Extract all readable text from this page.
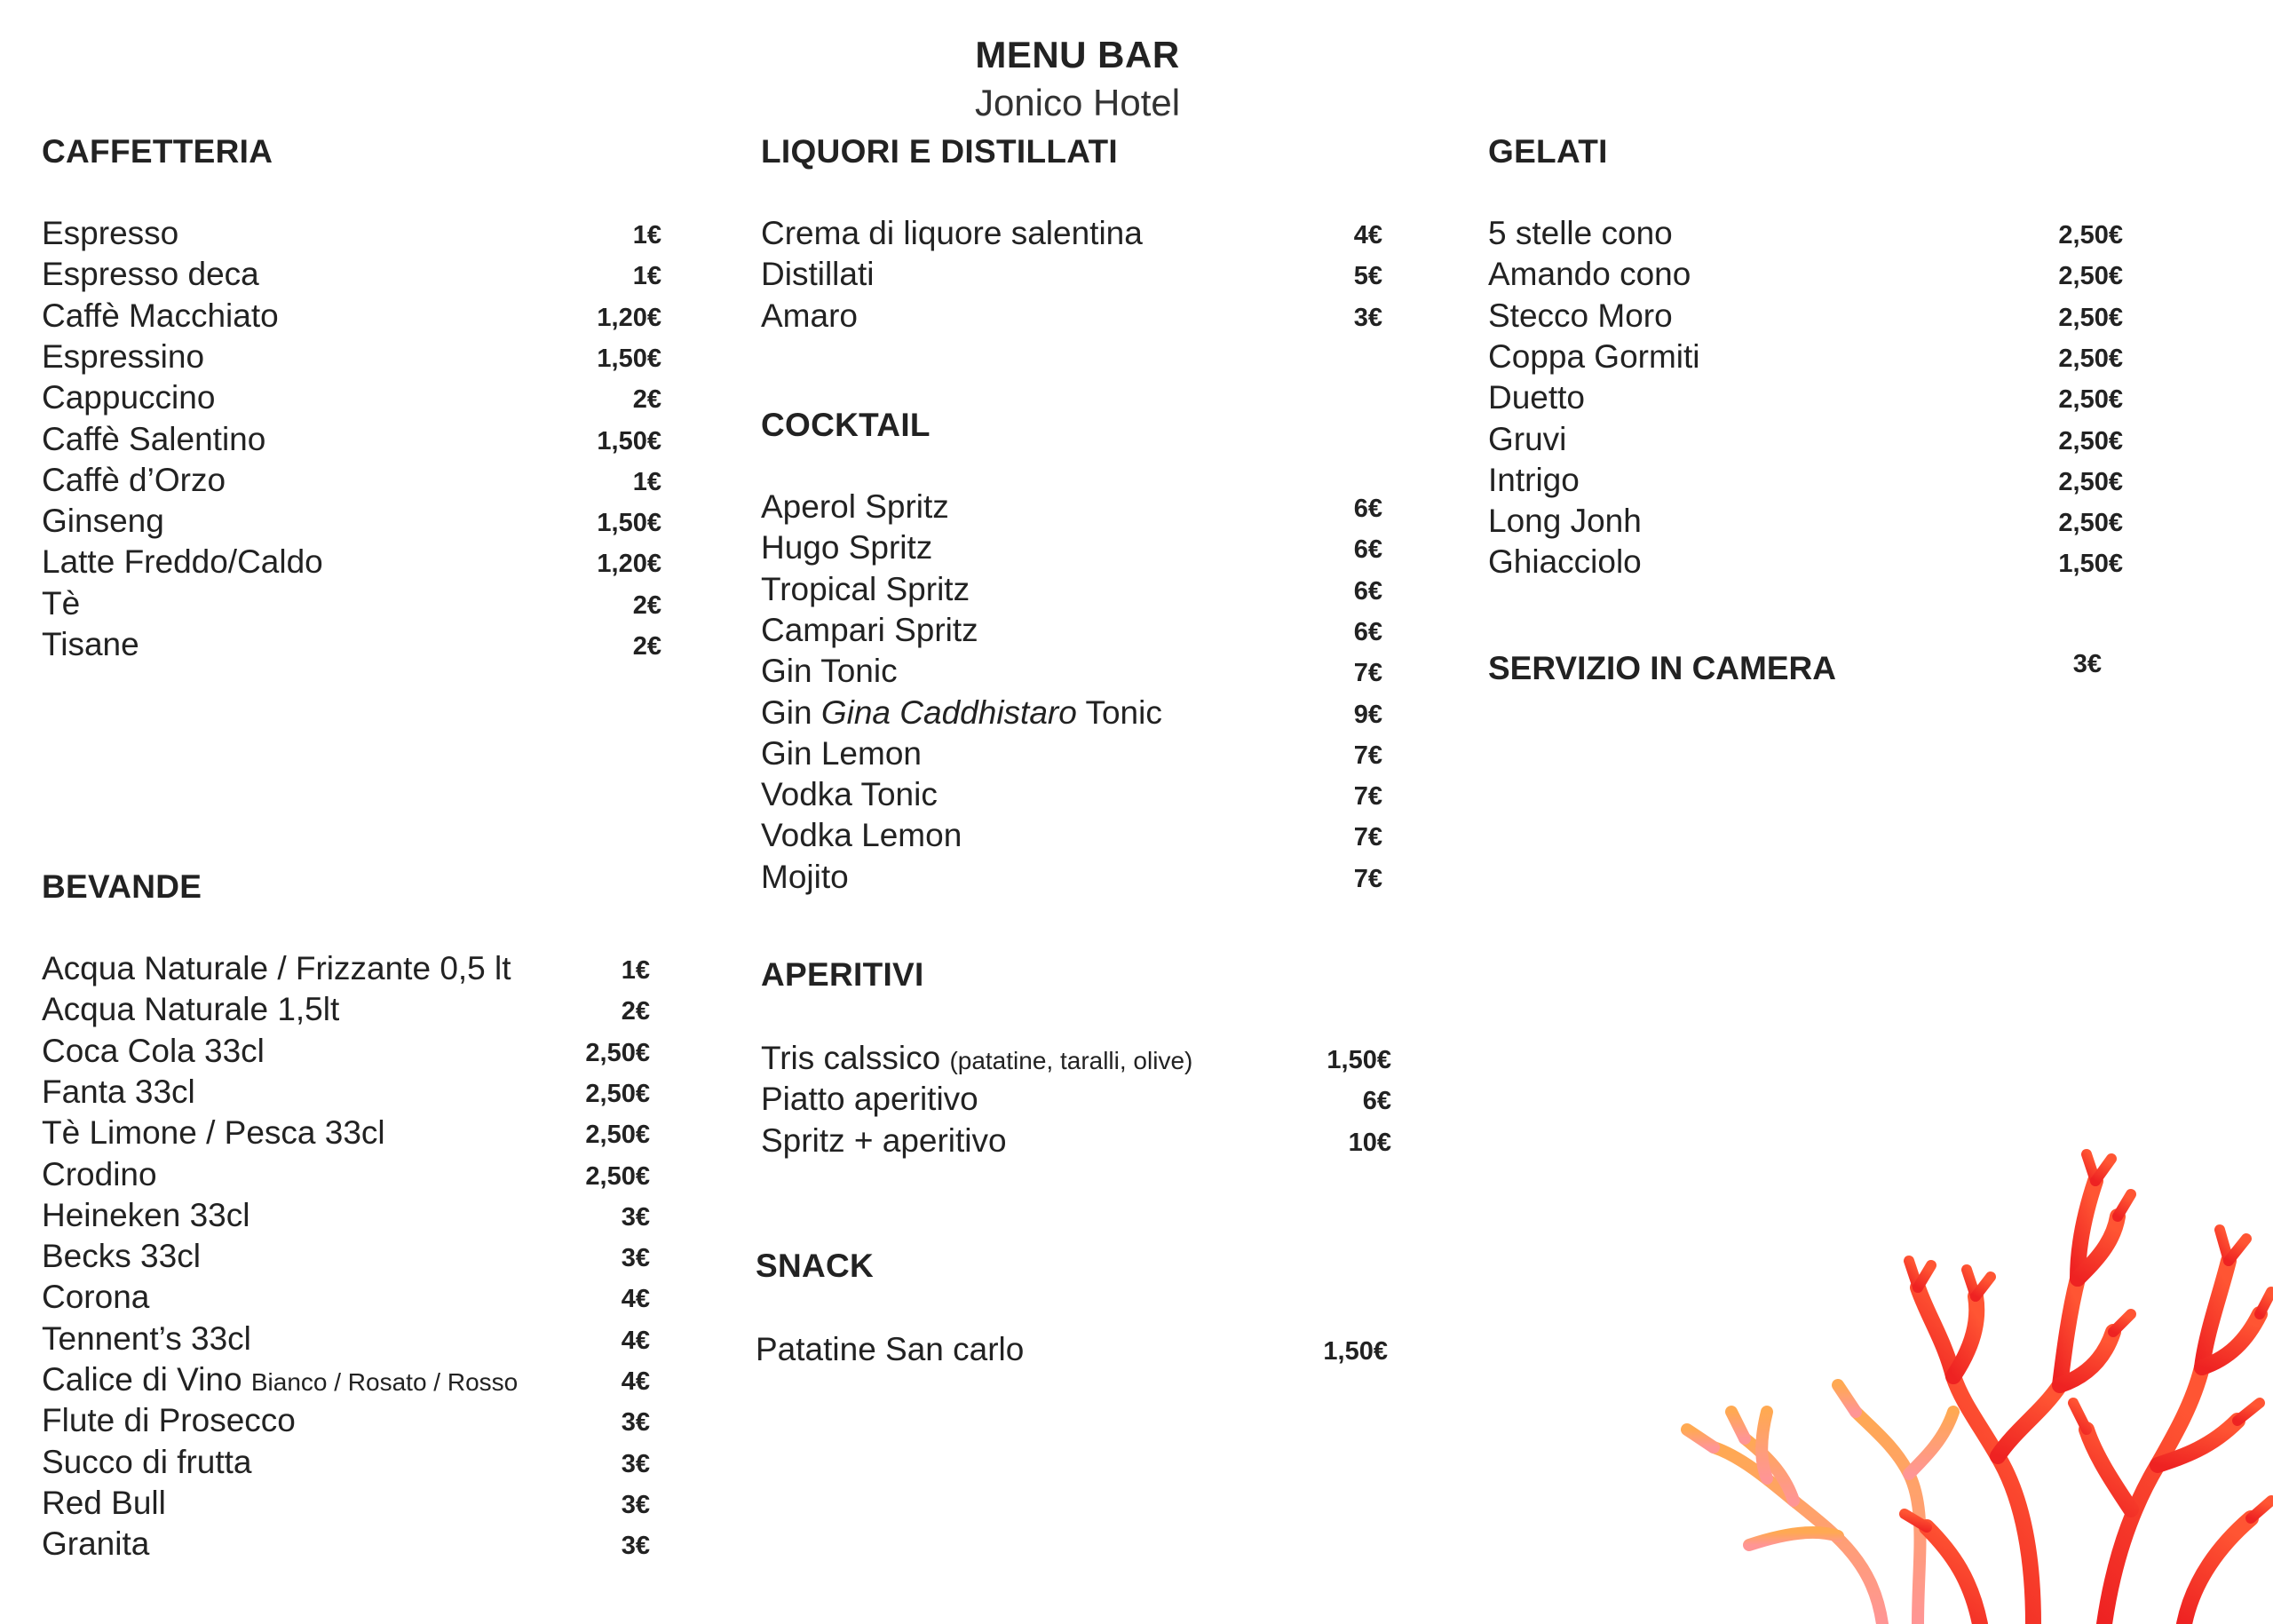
MENU BAR
Jonico Hotel
CAFFETTERIA
Espresso	1€
Espresso deca	1€
Caffè Macchiato	1,20€
Espressino	1,50€
Cappuccino	2€
Caffè Salentino	1,50€
Caffè d’Orzo	1€
Ginseng	1,50€
Latte Freddo/Caldo	1,20€
Tè	2€
Tisane	2€
BEVANDE
Acqua Naturale / Frizzante 0,5 lt	1€
Acqua Naturale 1,5lt	2€
Coca Cola 33cl	2,50€
Fanta 33cl	2,50€
Tè Limone / Pesca 33cl	2,50€
Crodino	2,50€
Heineken 33cl	3€
Becks 33cl	3€
Corona	4€
Tennent’s 33cl	4€
Calice di Vino Bianco / Rosato / Rosso	4€
Flute di Prosecco	3€
Succo di frutta	3€
Red Bull	3€
Granita	3€
LIQUORI E DISTILLATI
Crema di liquore salentina	4€
Distillati	5€
Amaro	3€
COCKTAIL
Aperol Spritz	6€
Hugo Spritz	6€
Tropical Spritz	6€
Campari Spritz	6€
Gin Tonic	7€
Gin Gina Caddhistaro Tonic	9€
Gin Lemon	7€
Vodka Tonic	7€
Vodka Lemon	7€
Mojito	7€
APERITIVI
Tris calssico (patatine, taralli, olive)	1,50€
Piatto aperitivo	6€
Spritz + aperitivo	10€
SNACK
Patatine San carlo	1,50€
GELATI
5 stelle cono	2,50€
Amando cono	2,50€
Stecco Moro	2,50€
Coppa Gormiti	2,50€
Duetto	2,50€
Gruvi	2,50€
Intrigo	2,50€
Long Jonh	2,50€
Ghiacciolo	1,50€
SERVIZIO IN CAMERA	3€
